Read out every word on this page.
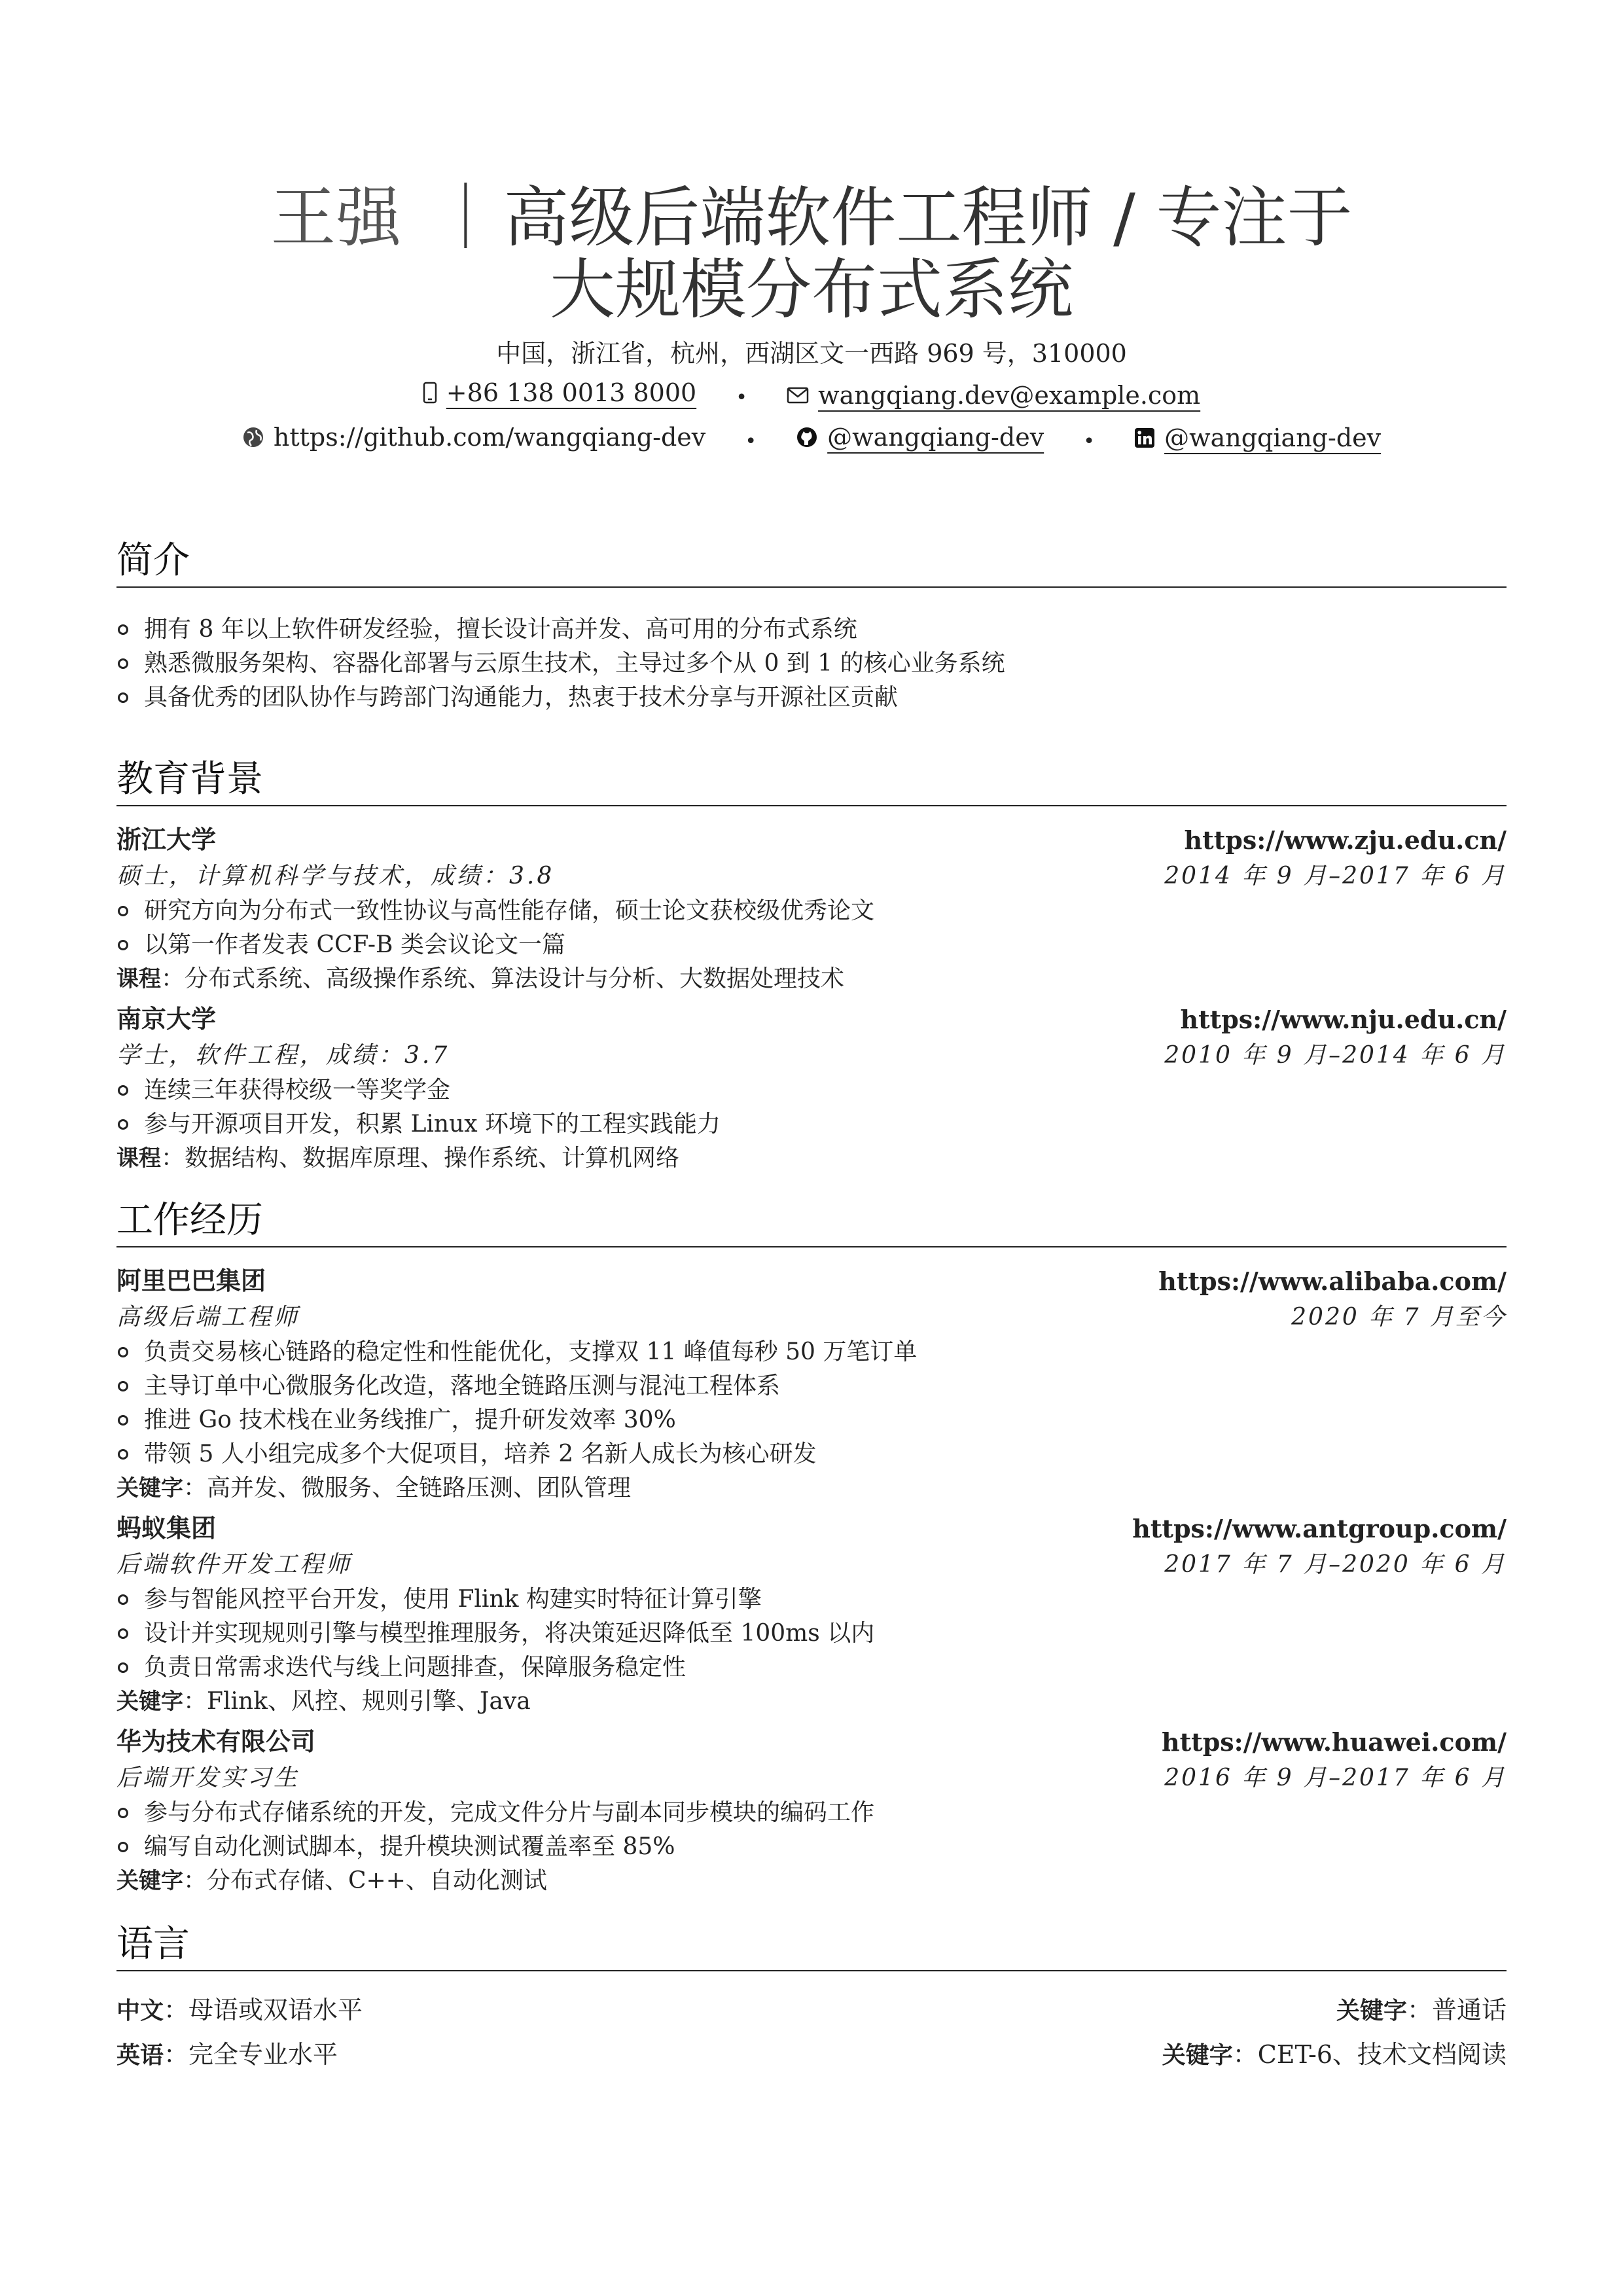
王强 ｜高级后端软件工程师 / 专注于
大规模分布式系统
中国，浙江省，杭州，西湖区文一西路 969 号，310000
+86 138 0013 8000 •	wangqiang.dev@example.com
https://github.com/wangqiang-dev •	@wangqiang-dev •	@wangqiang-dev
简介
拥有 8 年以上软件研发经验，擅长设计高并发、高可用的分布式系统
熟悉微服务架构、容器化部署与云原生技术，主导过多个从 0 到 1 的核心业务系统
具备优秀的团队协作与跨部门沟通能力，热衷于技术分享与开源社区贡献
教育背景
浙江大学	https://www.zju.edu.cn/
硕士，计算机科学与技术，成绩：3.8	2014 年 9 月–2017 年 6 月
研究方向为分布式一致性协议与高性能存储，硕士论文获校级优秀论文
以第一作者发表 CCF-B 类会议论文一篇
课程：分布式系统、高级操作系统、算法设计与分析、大数据处理技术
南京大学	https://www.nju.edu.cn/
学士，软件工程，成绩：3.7	2010 年 9 月–2014 年 6 月
连续三年获得校级一等奖学金
参与开源项目开发，积累 Linux 环境下的工程实践能力
课程：数据结构、数据库原理、操作系统、计算机网络
工作经历
阿里巴巴集团	https://www.alibaba.com/
高级后端工程师	2020 年 7 月至今
负责交易核心链路的稳定性和性能优化，支撑双 11 峰值每秒 50 万笔订单
主导订单中心微服务化改造，落地全链路压测与混沌工程体系
推进 Go 技术栈在业务线推广，提升研发效率 30%
带领 5 人小组完成多个大促项目，培养 2 名新人成长为核心研发
关键字：高并发、微服务、全链路压测、团队管理
蚂蚁集团	https://www.antgroup.com/
后端软件开发工程师	2017 年 7 月–2020 年 6 月
参与智能风控平台开发，使用 Flink 构建实时特征计算引擎
设计并实现规则引擎与模型推理服务，将决策延迟降低至 100ms 以内
负责日常需求迭代与线上问题排查，保障服务稳定性
关键字：Flink、风控、规则引擎、Java
华为技术有限公司	https://www.huawei.com/
后端开发实习生	2016 年 9 月–2017 年 6 月
参与分布式存储系统的开发，完成文件分片与副本同步模块的编码工作
编写自动化测试脚本，提升模块测试覆盖率至 85%
关键字：分布式存储、C++、自动化测试
语言
中文：母语或双语水平	关键字：普通话
英语：完全专业水平	关键字：CET-6、技术文档阅读
